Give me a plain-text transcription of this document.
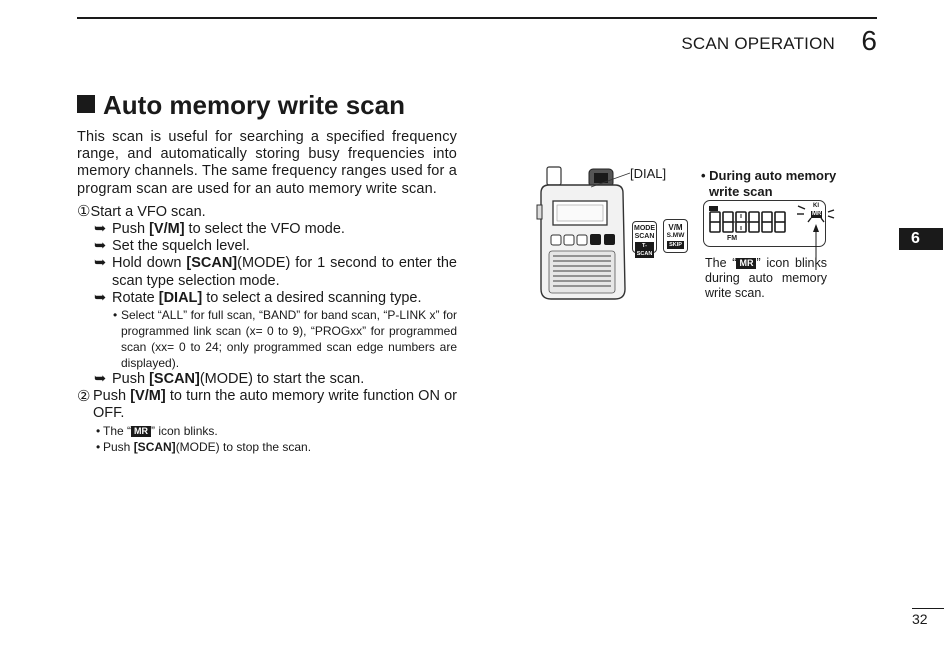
SCAN OPERATION 6
Auto memory write scan

This scan is useful for searching a specified frequency range, and automatically storing busy frequencies into memory channels. The same frequency ranges used for a program scan are used for an auto memory write scan.

①Start a VFO scan.

➥ Push [V/M] to select the VFO mode.

➥ Set the squelch level.

➥ Hold down [SCAN](MODE) for 1 second to enter the scan type selection mode.

➥ Rotate [DIAL] to select a desired scanning type.

• Select “ALL” for full scan, “BAND” for band scan, “P-LINK x” for programmed link scan (x= 0 to 9), “PROGxx” for programmed scan (xx= 0 to 24; only programmed scan edge numbers are displayed).

➥ Push [SCAN](MODE) to start the scan.

② Push [V/M] to turn the auto memory write function ON or OFF.

• The “ MR ” icon blinks.

• Push [SCAN](MODE) to stop the scan.

MODE
SCAN
T-SCAN
V/M
S.MW
SKIP
[DIAL]	• During auto memory
write scan
FM
KI
MR
The “ MR ” icon blinks during auto memory write scan.
6
32
